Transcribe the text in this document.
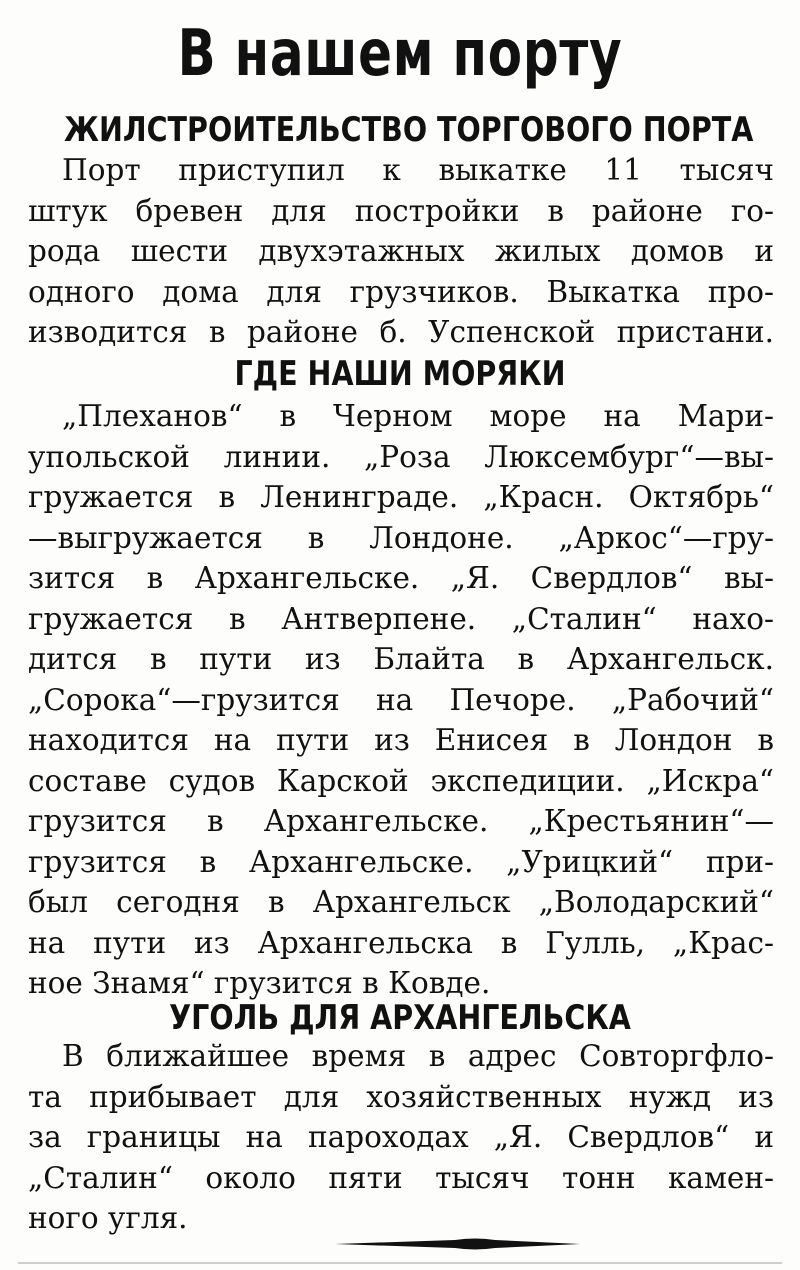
В нашем порту
ЖИЛСТРОИТЕЛЬСТВО ТОРГОВОГО ПОРТА
Порт приступил к выкатке 11 тысяч
штук бревен для постройки в районе го-
рода шести двухэтажных жилых домов и
одного дома для грузчиков. Выкатка про-
изводится в районе б. Успенской пристани.
ГДЕ НАШИ МОРЯКИ
„Плеханов“ в Черном море на Мари-
упольской линии. „Роза Люксембург“—вы-
гружается в Ленинграде. „Красн. Октябрь“
—выгружается в Лондоне. „Аркос“—гру-
зится в Архангельске. „Я. Свердлов“ вы-
гружается в Антверпене. „Сталин“ нахо-
дится в пути из Блайта в Архангельск.
„Сорока“—грузится на Печоре. „Рабочий“
находится на пути из Енисея в Лондон в
составе судов Карской экспедиции. „Искра“
грузится в Архангельске. „Крестьянин“—
грузится в Архангельске. „Урицкий“ при-
был сегодня в Архангельск „Володарский“
на пути из Архангельска в Гулль, „Крас-
ное Знамя“ грузится в Ковде.
УГОЛЬ ДЛЯ АРХАНГЕЛЬСКА
В ближайшее время в адрес Совторгфло-
та прибывает для хозяйственных нужд из
за границы на пароходах „Я. Свердлов“ и
„Сталин“ около пяти тысяч тонн камен-
ного угля.
